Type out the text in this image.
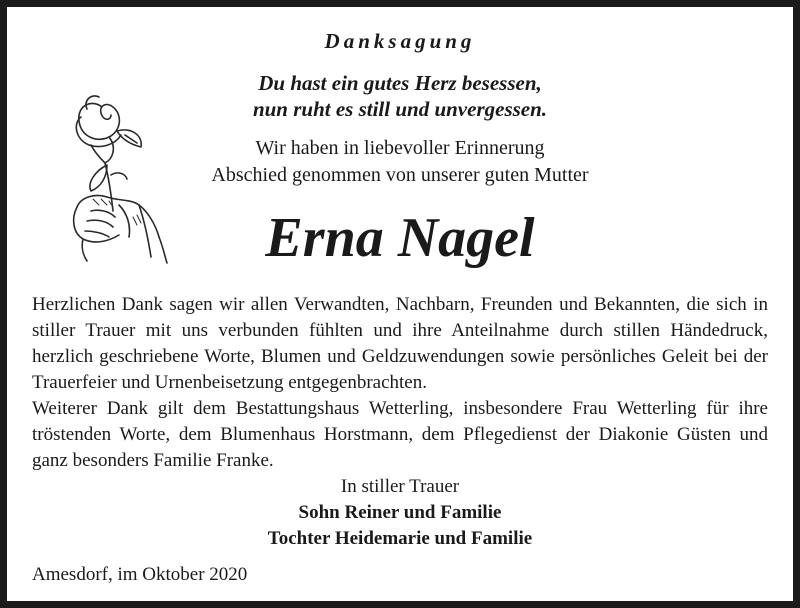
Danksagung

Du hast ein gutes Herz besessen,
nun ruht es still und unvergessen.

Wir haben in liebevoller Erinnerung
Abschied genommen von unserer guten Mutter

Erna Nagel
Herzlichen Dank sagen wir allen Verwandten, Nachbarn, Freunden und Bekannten, die sich in stiller Trauer mit uns verbunden fühlten und ihre Anteilnahme durch stillen Händedruck, herzlich geschriebene Worte, Blumen und Geldzuwendungen sowie persönliches Geleit bei der Trauerfeier und Urnenbeisetzung entgegenbrachten.
Weiterer Dank gilt dem Bestattungshaus Wetterling, insbesondere Frau Wetterling für ihre tröstenden Worte, dem Blumenhaus Horstmann, dem Pflegedienst der Diakonie Güsten und ganz besonders Familie Franke.

In stiller Trauer
Sohn Reiner und Familie
Tochter Heidemarie und Familie

Amesdorf, im Oktober 2020
